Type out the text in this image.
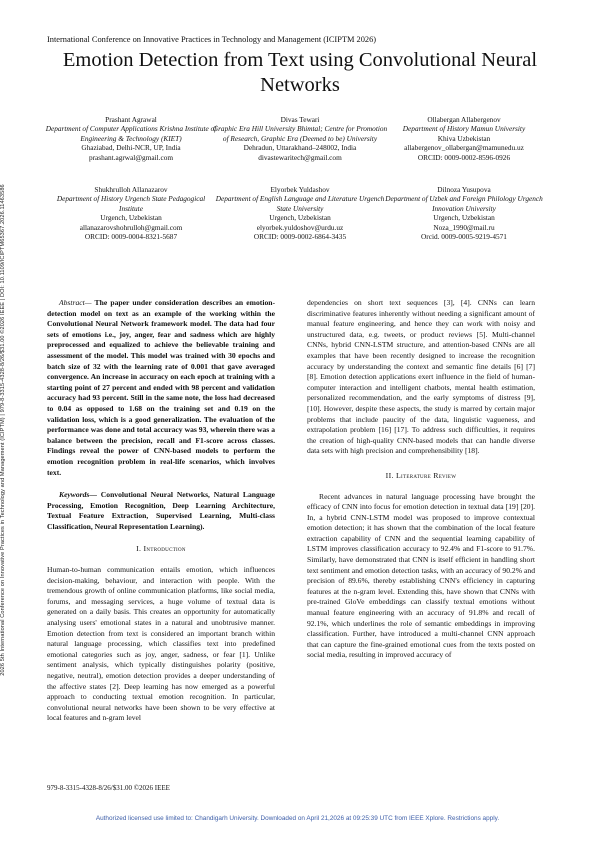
International Conference on Innovative Practices in Technology and Management (ICIPTM 2026)
Emotion Detection from Text using Convolutional Neural Networks
Prashant Agrawal
Department of Computer Applications Krishna Institute of Engineering & Technology (KIET)
Ghaziabad, Delhi-NCR, UP, India
prashant.agrwal@gmail.com
Divas Tewari
Graphic Era Hill University Bhimtal; Centre for Promotion of Research, Graphic Era (Deemed to be) University
Dehradun, Uttarakhand–248002, India
divastewaritech@gmail.com
Ollabergan Allabergenov
Department of History Mamun University
Khiva Uzbekistan
allabergenov_ollabergan@mamunedu.uz
ORCID: 0009-0002-8596-0926
Shukhrulloh Allanazarov
Department of History Urgench State Pedagogical Institute
Urgench, Uzbekistan
allanazarovshohrulloh@gmail.com
ORCID: 0009-0004-8321-5687
Elyorbek Yuldashov
Department of English Language and Literature Urgench State University
Urgench, Uzbekistan
elyorbek.yuldoshov@urdu.uz
ORCID: 0009-0002-6864-3435
Dilnoza Yusupova
Department of Uzbek and Foreign Philology Urgench Innovation University
Urgench, Uzbekistan
Noza_1990@mail.ru
Orcid. 0009-0005-9219-4571
2026 5th International Conference on Innovative Practices in Technology and Management (ICIPTM) | 979-8-3315-4328-8/26/$31.00 ©2026 IEEE | DOI: 10.1109/ICIPTM65367.2026.11463586	Abstract— The paper under consideration describes an emotion-detection model on text as an example of the working within the Convolutional Neural Network framework model. The data had four sets of emotions i.e., joy, anger, fear and sadness which are highly preprocessed and equalized to achieve the believable training and assessment of the model. This model was trained with 30 epochs and batch size of 32 with the learning rate of 0.001 that gave averaged convergence. An increase in accuracy on each epoch at training with a starting point of 27 percent and ended with 98 percent and validation accuracy had 93 percent. Still in the same note, the loss had decreased to 0.04 as opposed to 1.68 on the training set and 0.19 on the validation loss, which is a good generalization. The evaluation of the performance was done and total accuracy was 93, wherein there was a balance between the precision, recall and F1-score across classes. Findings reveal the power of CNN-based models to perform the emotion recognition problem in real-life scenarios, which involves text.

Keywords— Convolutional Neural Networks, Natural Language Processing, Emotion Recognition, Deep Learning Architecture, Textual Feature Extraction, Supervised Learning, Multi-class Classification, Neural Representation Learning).

I. Introduction

Human-to-human communication entails emotion, which influences decision-making, behaviour, and interaction with people. With the tremendous growth of online communication platforms, like social media, forums, and messaging services, a huge volume of textual data is generated on a daily basis. This creates an opportunity for automatically analysing users' emotional states in a natural and unobtrusive manner. Emotion detection from text is considered an important branch within natural language processing, which classifies text into predefined emotional categories such as joy, anger, sadness, or fear [1]. Unlike sentiment analysis, which typically distinguishes polarity (positive, negative, neutral), emotion detection provides a deeper understanding of the affective states [2]. Deep learning has now emerged as a powerful approach to conducting textual emotion recognition. In particular, convolutional neural networks have been shown to be very effective at local features and n-gram level

dependencies on short text sequences [3], [4]. CNNs can learn discriminative features inherently without needing a significant amount of manual feature engineering, and hence they can work with noisy and unstructured data, e.g. tweets, or product reviews [5]. Multi-channel CNNs, hybrid CNN-LSTM structure, and attention-based CNNs are all examples that have been recently designed to increase the recognition accuracy by understanding the context and semantic fine details [6] [7] [8]. Emotion detection applications exert influence in the field of human-computer interaction and intelligent chatbots, mental health estimation, personalized recommendation, and the early symptoms of distress [9], [10]. However, despite these aspects, the study is marred by certain major problems that include paucity of the data, linguistic vagueness, and extrapolation problem [16] [17]. To address such difficulties, it requires the creation of high-quality CNN-based models that can handle diverse data sets with high precision and comprehensibility [18].

II. Literature Review

Recent advances in natural language processing have brought the efficacy of CNN into focus for emotion detection in textual data [19] [20]. In, a hybrid CNN-LSTM model was proposed to improve contextual emotion detection; it has shown that the combination of the local feature extraction capability of CNN and the sequential learning capability of LSTM improves classification accuracy to 92.4% and F1-score to 91.7%. Similarly, have demonstrated that CNN is itself efficient in handling short text sentiment and emotion detection tasks, with an accuracy of 90.2% and precision of 89.6%, thereby establishing CNN's efficiency in capturing features at the n-gram level. Extending this, have shown that CNNs with pre-trained GloVe embeddings can classify textual emotions without manual feature engineering with an accuracy of 91.8% and recall of 92.1%, which underlines the role of semantic embeddings in improving classification. Further, have introduced a multi-channel CNN approach that can capture the fine-grained emotional cues from the texts posted on social media, resulting in improved accuracy of

979-8-3315-4328-8/26/$31.00 ©2026 IEEE
Authorized licensed use limited to: Chandigarh University. Downloaded on April 21,2026 at 09:25:39 UTC from IEEE Xplore. Restrictions apply.
